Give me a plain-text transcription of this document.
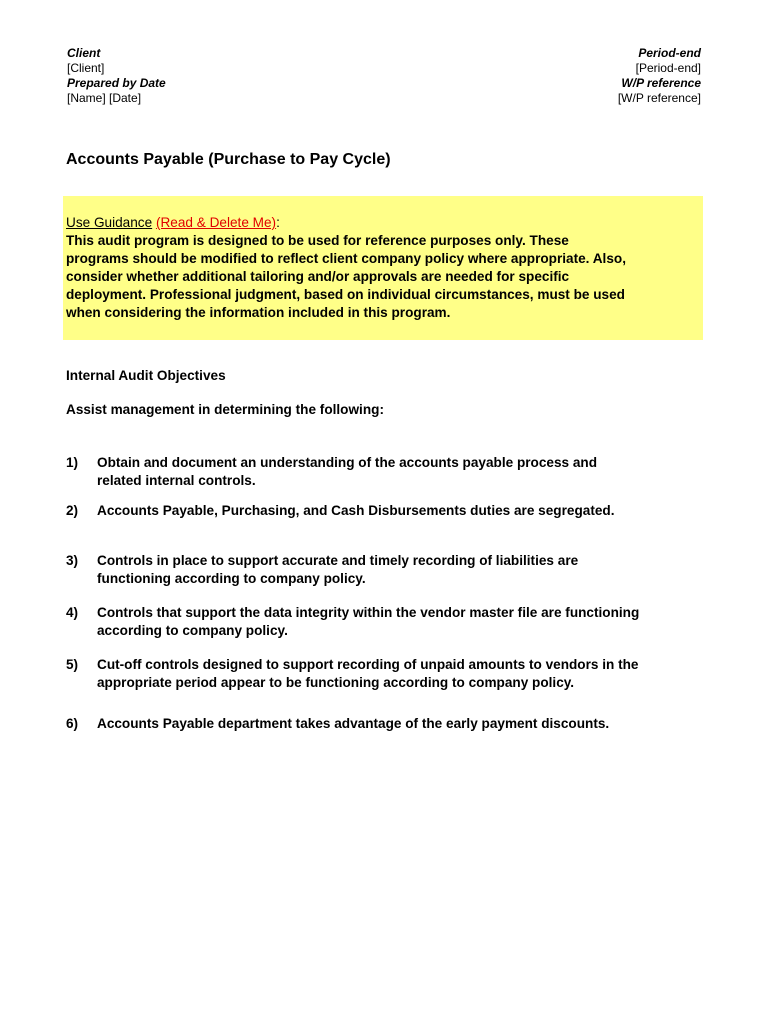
Client
[Client]
Prepared by Date
[Name] [Date]
Period-end
[Period-end]
W/P reference
[W/P reference]
Accounts Payable (Purchase to Pay Cycle)
Use Guidance (Read & Delete Me):
This audit program is designed to be used for reference purposes only. These
programs should be modified to reflect client company policy where appropriate. Also,
consider whether additional tailoring and/or approvals are needed for specific
deployment. Professional judgment, based on individual circumstances, must be used
when considering the information included in this program.
Internal Audit Objectives
Assist management in determining the following:
1) Obtain and document an understanding of the accounts payable process and
related internal controls.
2) Accounts Payable, Purchasing, and Cash Disbursements duties are segregated.
3) Controls in place to support accurate and timely recording of liabilities are
functioning according to company policy.
4) Controls that support the data integrity within the vendor master file are functioning
according to company policy.
5) Cut-off controls designed to support recording of unpaid amounts to vendors in the
appropriate period appear to be functioning according to company policy.
6) Accounts Payable department takes advantage of the early payment discounts.
